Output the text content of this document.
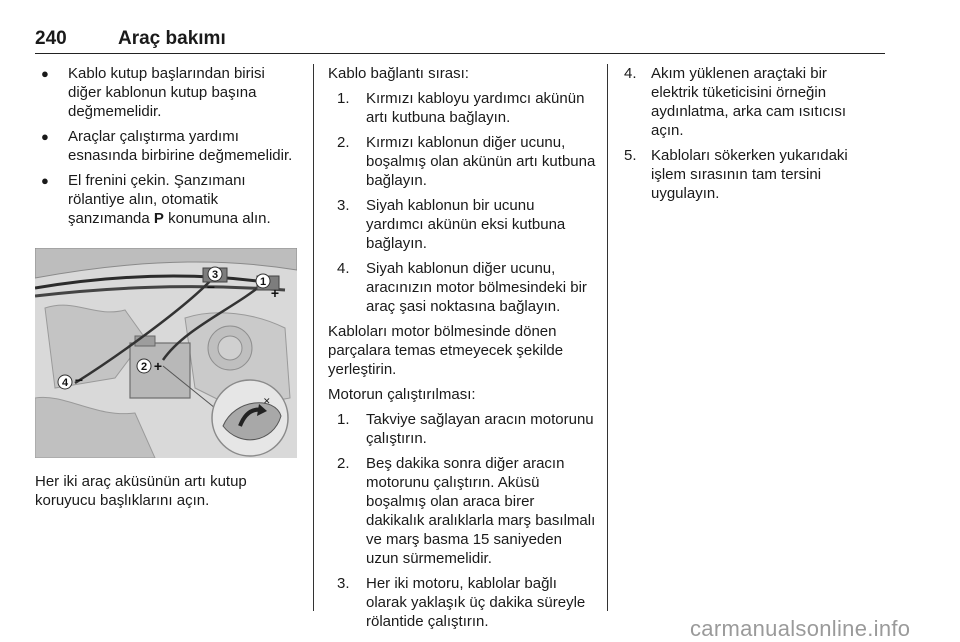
240	Araç bakımı
● Kablo kutup başlarından birisi diğer kablonun kutup başına değmemelidir.
● Araçlar çalıştırma yardımı esnasında birbirine değmemelidir.
● El frenini çekin. Şanzımanı rölantiye alın, otomatik şanzımanda P konumuna alın.
✕
3
−	1
+
2 +
4 −
Her iki araç aküsünün artı kutup koruyucu başlıklarını açın.

Kablo bağlantı sırası:

1. Kırmızı kabloyu yardımcı akünün artı kutbuna bağlayın.
2. Kırmızı kablonun diğer ucunu, boşalmış olan akünün artı kutbuna bağlayın.
3. Siyah kablonun bir ucunu yardımcı akünün eksi kutbuna bağlayın.
4. Siyah kablonun diğer ucunu, aracınızın motor bölmesindeki bir araç şasi noktasına bağlayın.

Kabloları motor bölmesinde dönen parçalara temas etmeyecek şekilde yerleştirin.

Motorun çalıştırılması:

1. Takviye sağlayan aracın motorunu çalıştırın.
2. Beş dakika sonra diğer aracın motorunu çalıştırın. Aküsü boşalmış olan araca birer dakikalık aralıklarla marş basılmalı ve marş basma 15 saniyeden uzun sürmemelidir.
3. Her iki motoru, kablolar bağlı olarak yaklaşık üç dakika süreyle rölantide çalıştırın.
4. Akım yüklenen araçtaki bir elektrik tüketicisini örneğin aydınlatma, arka cam ısıtıcısı açın.
5. Kabloları sökerken yukarıdaki işlem sırasının tam tersini uygulayın.
carmanualsonline.info
